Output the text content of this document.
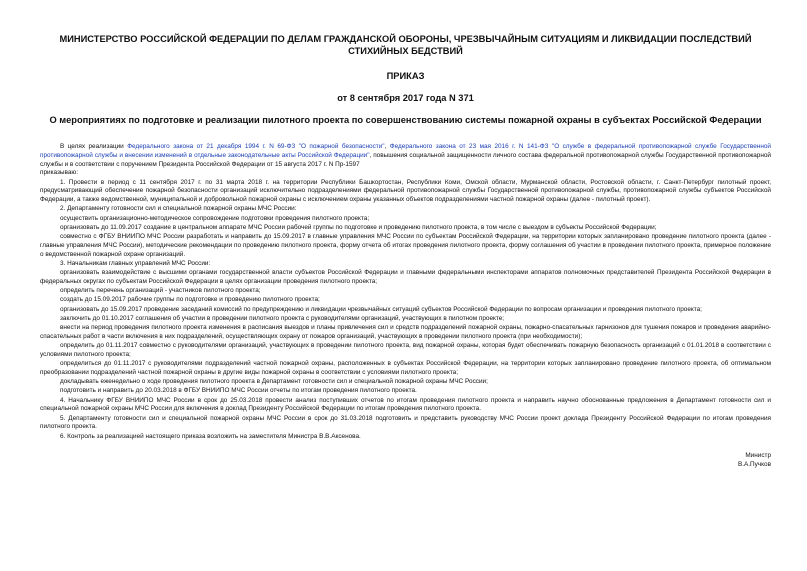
МИНИСТЕРСТВО РОССИЙСКОЙ ФЕДЕРАЦИИ ПО ДЕЛАМ ГРАЖДАНСКОЙ ОБОРОНЫ, ЧРЕЗВЫЧАЙНЫМ СИТУАЦИЯМ И ЛИКВИДАЦИИ ПОСЛЕДСТВИЙ СТИХИЙНЫХ БЕДСТВИЙ
ПРИКАЗ
от 8 сентября 2017 года N 371
О мероприятиях по подготовке и реализации пилотного проекта по совершенствованию системы пожарной охраны в субъектах Российской Федерации

В целях реализации Федерального закона от 21 декабря 1994 г. N 69-ФЗ "О пожарной безопасности", Федерального закона от 23 мая 2016 г. N 141-ФЗ "О службе в федеральной противопожарной службе Государственной противопожарной службы и внесении изменений в отдельные законодательные акты Российской Федерации", повышения социальной защищенности личного состава федеральной противопожарной службы Государственной противопожарной службы и в соответствии с поручением Президента Российской Федерации от 15 августа 2017 г. N Пр-1597

приказываю:

1. Провести в период с 11 сентября 2017 г. по 31 марта 2018 г. на территории Республики Башкортостан, Республики Коми, Омской области, Мурманской области, Ростовской области, г. Санкт-Петербург пилотный проект, предусматривающий обеспечение пожарной безопасности организаций исключительно подразделениями федеральной противопожарной службы Государственной противопожарной службы, противопожарной службы субъектов Российской Федерации, а также ведомственной, муниципальной и добровольной пожарной охраны с исключением охраны указанных объектов подразделениями частной пожарной охраны (далее - пилотный проект).

2. Департаменту готовности сил и специальной пожарной охраны МЧС России:

осуществить организационно-методическое сопровождение подготовки проведения пилотного проекта;

организовать до 11.09.2017 создание в центральном аппарате МЧС России рабочей группы по подготовке и проведению пилотного проекта, в том числе с выездом в субъекты Российской Федерации;

совместно с ФГБУ ВНИИПО МЧС России разработать и направить до 15.09.2017 в главные управления МЧС России по субъектам Российской Федерации, на территории которых запланировано проведение пилотного проекта (далее - главные управления МЧС России), методические рекомендации по проведению пилотного проекта, форму отчета об итогах проведения пилотного проекта, форму соглашения об участии в проведении пилотного проекта, примерное положение о ведомственной пожарной охране организаций.

3. Начальникам главных управлений МЧС России:

организовать взаимодействие с высшими органами государственной власти субъектов Российской Федерации и главными федеральными инспекторами аппаратов полномочных представителей Президента Российской Федерации в федеральных округах по субъектам Российской Федерации в целях организации проведения пилотного проекта;

определить перечень организаций - участников пилотного проекта;

создать до 15.09.2017 рабочие группы по подготовке и проведению пилотного проекта;

организовать до 15.09.2017 проведение заседаний комиссий по предупреждению и ликвидации чрезвычайных ситуаций субъектов Российской Федерации по вопросам организации и проведения пилотного проекта;

заключить до 01.10.2017 соглашения об участии в проведении пилотного проекта с руководителями организаций, участвующих в пилотном проекте;

внести на период проведения пилотного проекта изменения в расписания выездов и планы привлечения сил и средств подразделений пожарной охраны, пожарно-спасательных гарнизонов для тушения пожаров и проведения аварийно-спасательных работ в части включения в них подразделений, осуществляющих охрану от пожаров организаций, участвующих в проведении пилотного проекта (при необходимости);

определить до 01.11.2017 совместно с руководителями организаций, участвующих в проведении пилотного проекта, вид пожарной охраны, которая будет обеспечивать пожарную безопасность организаций с 01.01.2018 в соответствии с условиями пилотного проекта;

определиться до 01.11.2017 с руководителями подразделений частной пожарной охраны, расположенных в субъектах Российской Федерации, на территории которых запланировано проведение пилотного проекта, об оптимальном преобразовании подразделений частной пожарной охраны в другие виды пожарной охраны в соответствии с условиями пилотного проекта;

докладывать еженедельно о ходе проведения пилотного проекта в Департамент готовности сил и специальной пожарной охраны МЧС России;

подготовить и направить до 20.03.2018 в ФГБУ ВНИИПО МЧС России отчеты по итогам проведения пилотного проекта.

4. Начальнику ФГБУ ВНИИПО МЧС России в срок до 25.03.2018 провести анализ поступивших отчетов по итогам проведения пилотного проекта и направить научно обоснованные предложения в Департамент готовности сил и специальной пожарной охраны МЧС России для включения в доклад Президенту Российской Федерации по итогам проведения пилотного проекта.

5. Департаменту готовности сил и специальной пожарной охраны МЧС России в срок до 31.03.2018 подготовить и представить руководству МЧС России проект доклада Президенту Российской Федерации по итогам проведения пилотного проекта.

6. Контроль за реализацией настоящего приказа возложить на заместителя Министра В.В.Аксенова.

Министр
В.А.Пучков
